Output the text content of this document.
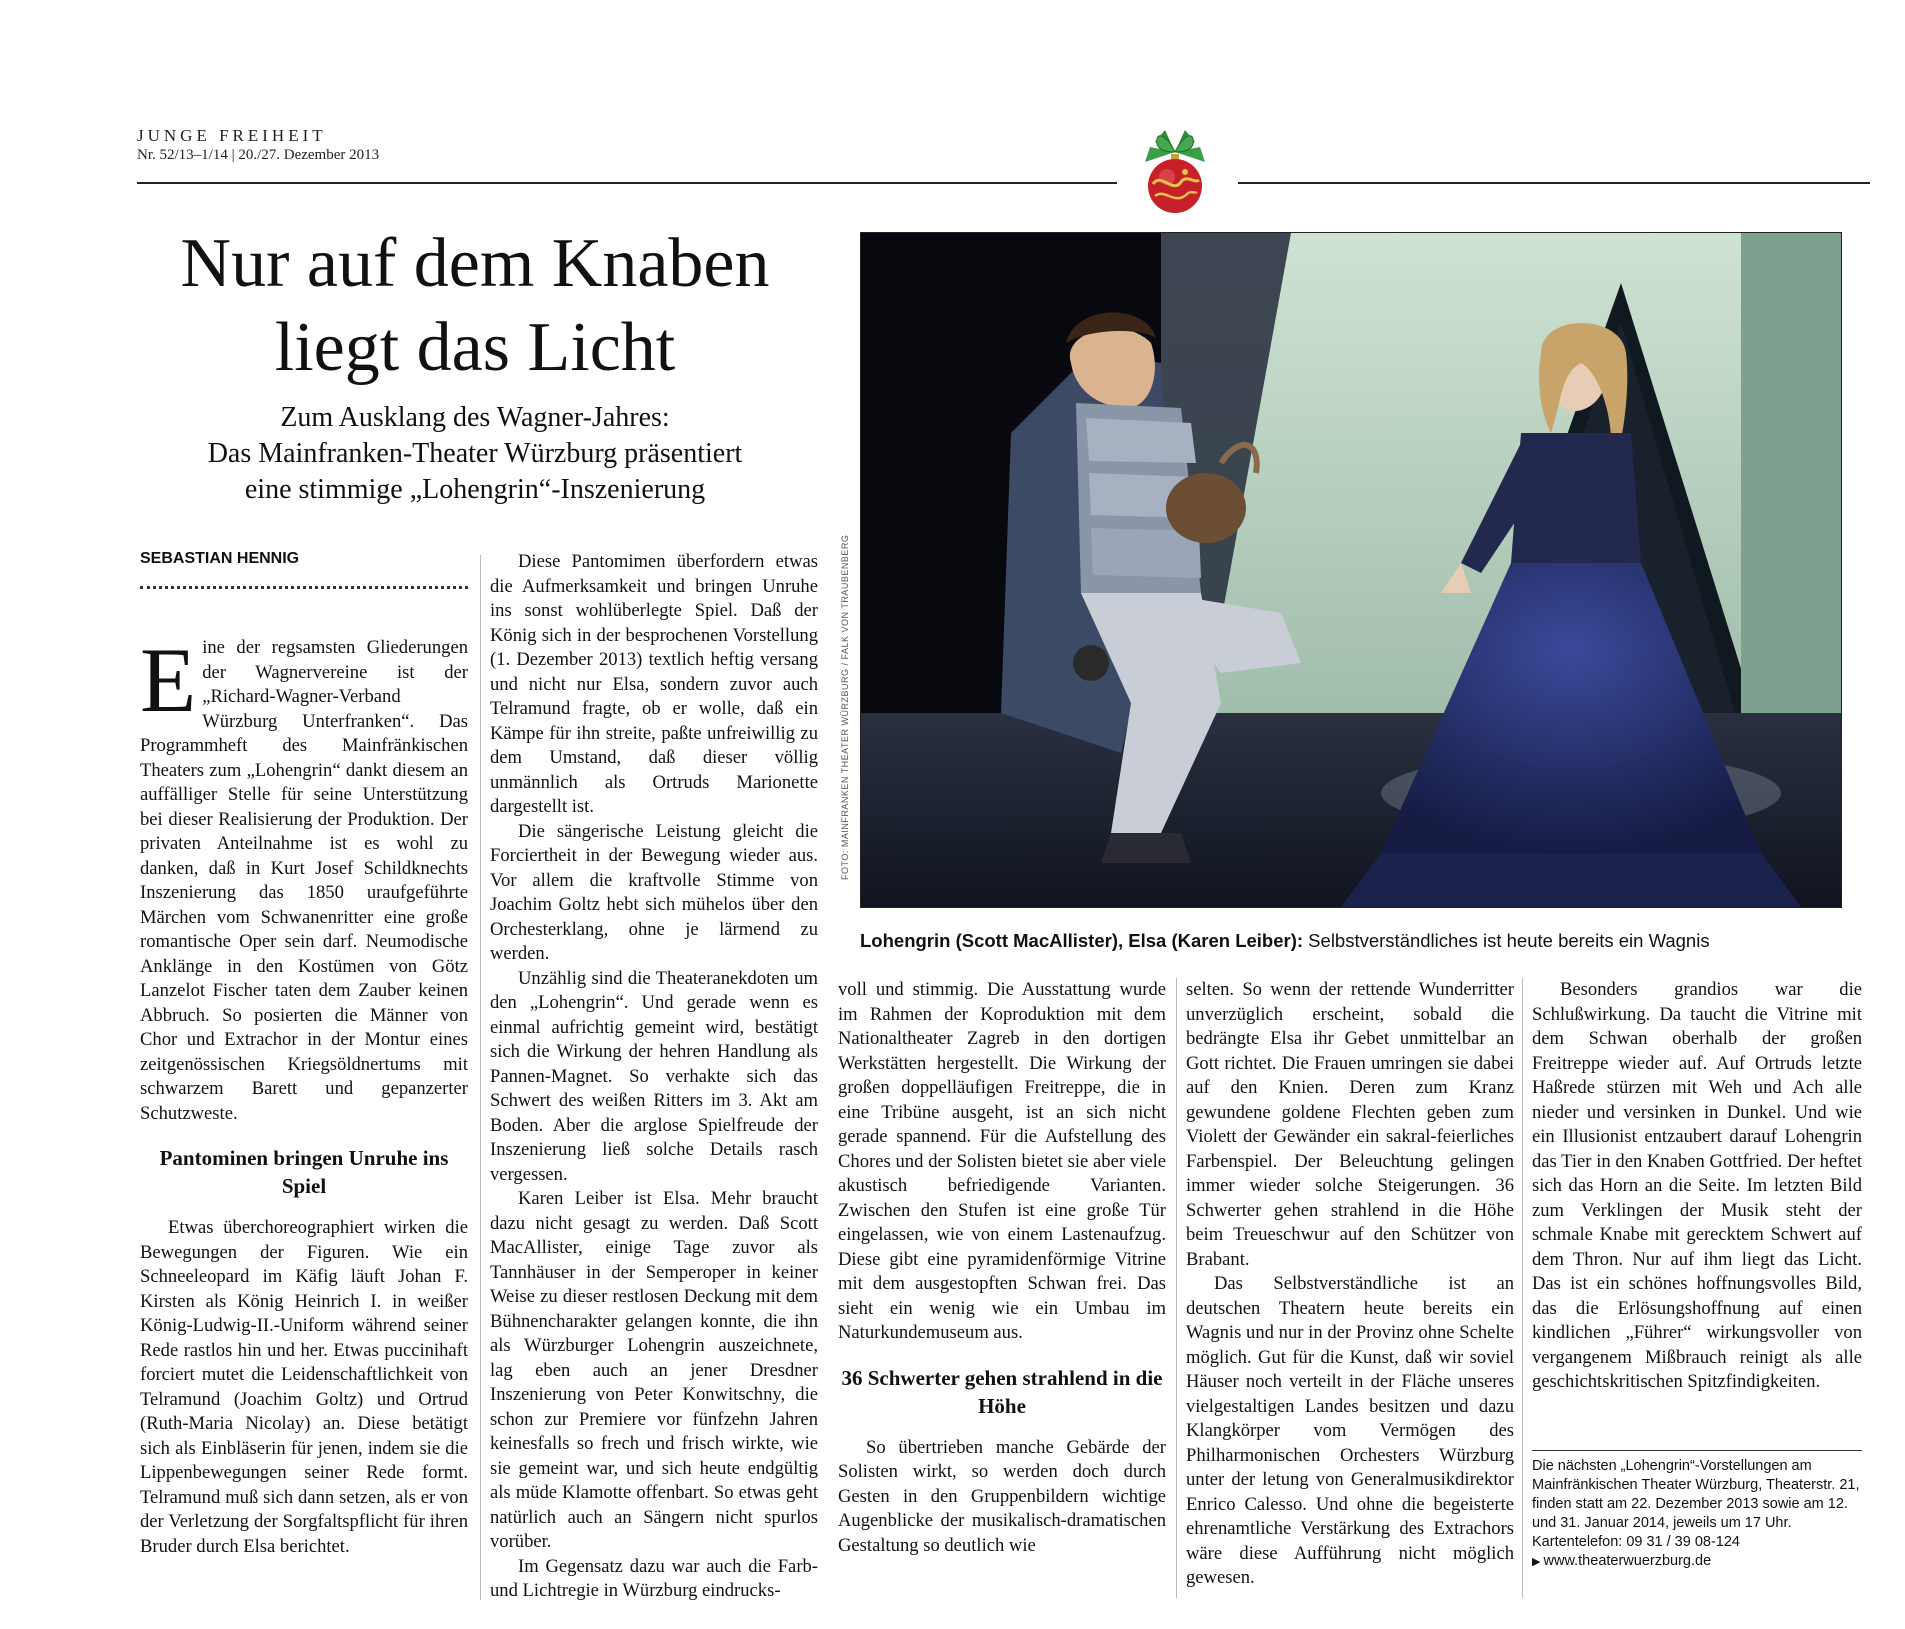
JUNGE FREIHEIT
Nr. 52/13–1/14 | 20./27. Dezember 2013
Nur auf dem Knaben
liegt das Licht
Zum Ausklang des Wagner-Jahres:
Das Mainfranken-Theater Würzburg präsentiert
eine stimmige „Lohengrin“-Inszenierung
SEBASTIAN HENNIG

Eine der regsamsten Gliederungen der Wagnervereine ist der „Richard-Wagner-Verband Würzburg Unterfranken“. Das Programmheft des Mainfränkischen Theaters zum „Lohengrin“ dankt diesem an auffälliger Stelle für seine Unterstützung bei dieser Realisierung der Produktion. Der privaten Anteilnahme ist es wohl zu danken, daß in Kurt Josef Schildknechts Inszenierung das 1850 uraufgeführte Märchen vom Schwanenritter eine große romantische Oper sein darf. Neumodische Anklänge in den Kostümen von Götz Lanzelot Fischer taten dem Zauber keinen Abbruch. So posierten die Männer von Chor und Extrachor in der Montur eines zeitgenössischen Kriegsöldnertums mit schwarzem Barett und gepanzerter Schutzweste.

Pantominen bringen Unruhe ins Spiel

Etwas überchoreographiert wirken die Bewegungen der Figuren. Wie ein Schneeleopard im Käfig läuft Johan F. Kirsten als König Heinrich I. in weißer König-Ludwig-II.-Uniform während seiner Rede rastlos hin und her. Etwas puccinihaft forciert mutet die Leidenschaftlichkeit von Telramund (Joachim Goltz) und Ortrud (Ruth-Maria Nicolay) an. Diese betätigt sich als Einbläserin für jenen, indem sie die Lippenbewegungen seiner Rede formt. Telramund muß sich dann setzen, als er von der Verletzung der Sorgfaltspflicht für ihren Bruder durch Elsa berichtet.

Diese Pantomimen überfordern etwas die Aufmerksamkeit und bringen Unruhe ins sonst wohlüberlegte Spiel. Daß der König sich in der besprochenen Vorstellung (1. Dezember 2013) textlich heftig versang und nicht nur Elsa, sondern zuvor auch Telramund fragte, ob er wolle, daß ein Kämpe für ihn streite, paßte unfreiwillig zu dem Umstand, daß dieser völlig unmännlich als Ortruds Marionette dargestellt ist.

Die sängerische Leistung gleicht die Forciertheit in der Bewegung wieder aus. Vor allem die kraftvolle Stimme von Joachim Goltz hebt sich mühelos über den Orchesterklang, ohne je lärmend zu werden.

Unzählig sind die Theateranekdoten um den „Lohengrin“. Und gerade wenn es einmal aufrichtig gemeint wird, bestätigt sich die Wirkung der hehren Handlung als Pannen-Magnet. So verhakte sich das Schwert des weißen Ritters im 3. Akt am Boden. Aber die arglose Spielfreude der Inszenierung ließ solche Details rasch vergessen.

Karen Leiber ist Elsa. Mehr braucht dazu nicht gesagt zu werden. Daß Scott MacAllister, einige Tage zuvor als Tannhäuser in der Semperoper in keiner Weise zu dieser restlosen Deckung mit dem Bühnencharakter gelangen konnte, die ihn als Würzburger Lohengrin auszeichnete, lag eben auch an jener Dresdner Inszenierung von Peter Konwitschny, die schon zur Premiere vor fünfzehn Jahren keinesfalls so frech und frisch wirkte, wie sie gemeint war, und sich heute endgültig als müde Klamotte offenbart. So etwas geht natürlich auch an Sängern nicht spurlos vorüber.

Im Gegensatz dazu war auch die Farb- und Lichtregie in Würzburg eindrucks-

FOTO: MAINFRANKEN THEATER WÜRZBURG / FALK VON TRAUBENBERG
Lohengrin (Scott MacAllister), Elsa (Karen Leiber): Selbstverständliches ist heute bereits ein Wagnis

voll und stimmig. Die Ausstattung wurde im Rahmen der Koproduktion mit dem Nationaltheater Zagreb in den dortigen Werkstätten hergestellt. Die Wirkung der großen doppelläufigen Freitreppe, die in eine Tribüne ausgeht, ist an sich nicht gerade spannend. Für die Aufstellung des Chores und der Solisten bietet sie aber viele akustisch befriedigende Varianten. Zwischen den Stufen ist eine große Tür eingelassen, wie von einem Lastenaufzug. Diese gibt eine pyramidenförmige Vitrine mit dem ausgestopften Schwan frei. Das sieht ein wenig wie ein Umbau im Naturkundemuseum aus.

36 Schwerter gehen strahlend in die Höhe

So übertrieben manche Gebärde der Solisten wirkt, so werden doch durch Gesten in den Gruppenbildern wichtige Augenblicke der musikalisch-dramatischen Gestaltung so deutlich wie

selten. So wenn der rettende Wunderritter unverzüglich erscheint, sobald die bedrängte Elsa ihr Gebet unmittelbar an Gott richtet. Die Frauen umringen sie dabei auf den Knien. Deren zum Kranz gewundene goldene Flechten geben zum Violett der Gewänder ein sakral-feierliches Farbenspiel. Der Beleuchtung gelingen immer wieder solche Steigerungen. 36 Schwerter gehen strahlend in die Höhe beim Treueschwur auf den Schützer von Brabant.

Das Selbstverständliche ist an deutschen Theatern heute bereits ein Wagnis und nur in der Provinz ohne Schelte möglich. Gut für die Kunst, daß wir soviel Häuser noch verteilt in der Fläche unseres vielgestaltigen Landes besitzen und dazu Klangkörper vom Vermögen des Philharmonischen Orchesters Würzburg unter der letung von Generalmusikdirektor Enrico Calesso. Und ohne die begeisterte ehrenamtliche Verstärkung des Extrachors wäre diese Aufführung nicht möglich gewesen.

Besonders grandios war die Schlußwirkung. Da taucht die Vitrine mit dem Schwan oberhalb der großen Freitreppe wieder auf. Auf Ortruds letzte Haßrede stürzen mit Weh und Ach alle nieder und versinken in Dunkel. Und wie ein Illusionist entzaubert darauf Lohengrin das Tier in den Knaben Gottfried. Der heftet sich das Horn an die Seite. Im letzten Bild zum Verklingen der Musik steht der schmale Knabe mit gerecktem Schwert auf dem Thron. Nur auf ihm liegt das Licht. Das ist ein schönes hoffnungsvolles Bild, das die Erlösungshoffnung auf einen kindlichen „Führer“ wirkungsvoller von vergangenem Mißbrauch reinigt als alle geschichtskritischen Spitzfindigkeiten.

Die nächsten „Lohengrin“-Vorstellungen am Mainfränkischen Theater Würzburg, Theaterstr. 21, finden statt am 22. Dezember 2013 sowie am 12. und 31. Januar 2014, jeweils um 17 Uhr. Kartentelefon: 09 31 / 39 08-124
▶ www.theaterwuerzburg.de
